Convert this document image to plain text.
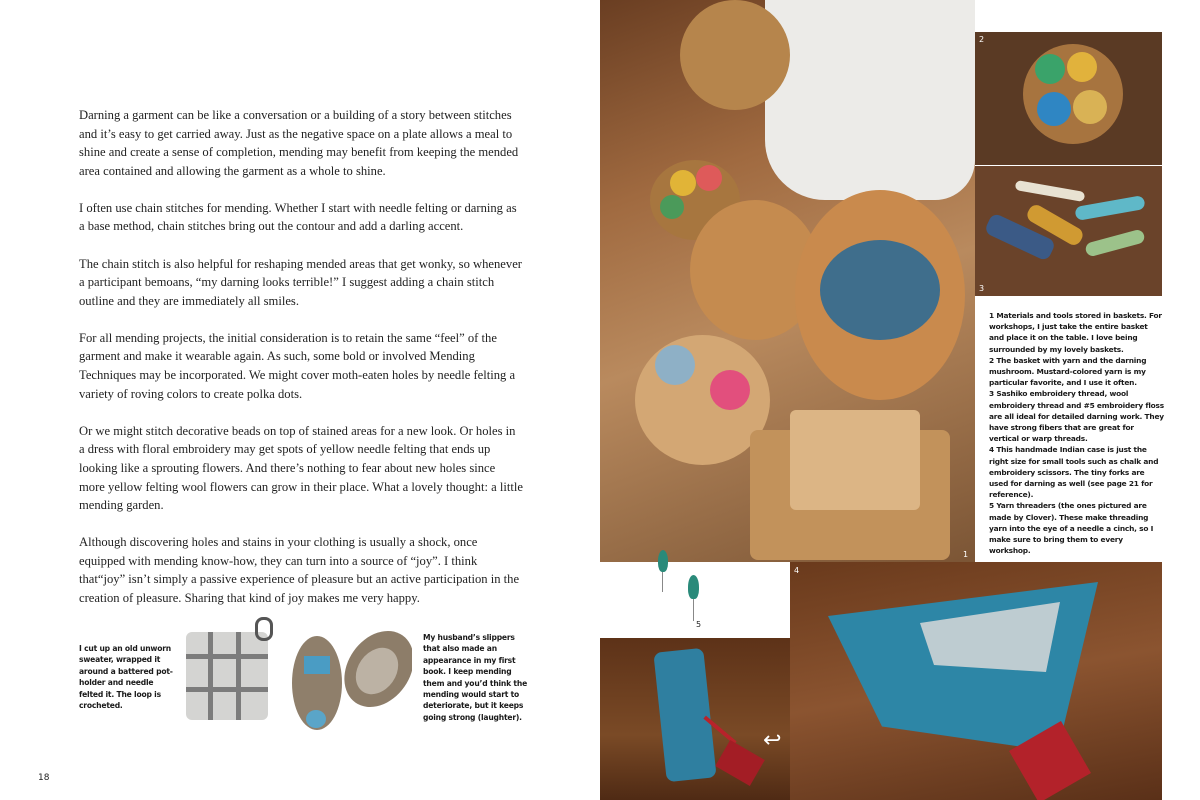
Darning a garment can be like a conversation or a building of a story between stitches and it’s easy to get carried away. Just as the negative space on a plate allows a meal to shine and create a sense of completion, mending may benefit from keeping the mended area contained and allowing the garment as a whole to shine.

I often use chain stitches for mending. Whether I start with needle felting or darning as a base method, chain stitches bring out the contour and add a darling accent.

The chain stitch is also helpful for reshaping mended areas that get wonky, so whenever a participant bemoans, “my darning looks terrible!” I suggest adding a chain stitch outline and they are immediately all smiles.

For all mending projects, the initial consideration is to retain the same “feel” of the garment and make it wearable again. As such, some bold or involved Mending Techniques may be incorporated. We might cover moth-eaten holes by needle felting a variety of roving colors to create polka dots.

Or we might stitch decorative beads on top of stained areas for a new look. Or holes in a dress with floral embroidery may get spots of yellow needle felting that ends up looking like a sprouting flowers. And there’s nothing to fear about new holes since more yellow felting wool flowers can grow in their place. What a lovely thought: a little mending garden.

Although discovering holes and stains in your clothing is usually a shock, once equipped with mending know-how, they can turn into a source of “joy”. I think that“joy” isn’t simply a passive experience of pleasure but an active participation in the creation of pleasure. Sharing that kind of joy makes me very happy.

I cut up an old unworn sweater, wrapped it around a battered pot-holder and needle felted it. The loop is crocheted.
My husband’s slippers that also made an appearance in my first book. I keep mending them and you’d think the mending would start to deteriorate, but it keeps going strong (laughter).
18
1
2
3
1 Materials and tools stored in baskets. For workshops, I just take the entire basket and place it on the table. I love being surrounded by my lovely baskets.
2 The basket with yarn and the darning mushroom. Mustard-colored yarn is my particular favorite, and I use it often.
3 Sashiko embroidery thread, wool embroidery thread and #5 embroidery floss are all ideal for detailed darning work. They have strong fibers that are great for vertical or warp threads.
4 This handmade Indian case is just the right size for small tools such as chalk and embroidery scissors. The tiny forks are used for darning as well (see page 21 for reference).
5 Yarn threaders (the ones pictured are made by Clover). These make threading yarn into the eye of a needle a cinch, so I make sure to bring them to every workshop.
5
↩
4
